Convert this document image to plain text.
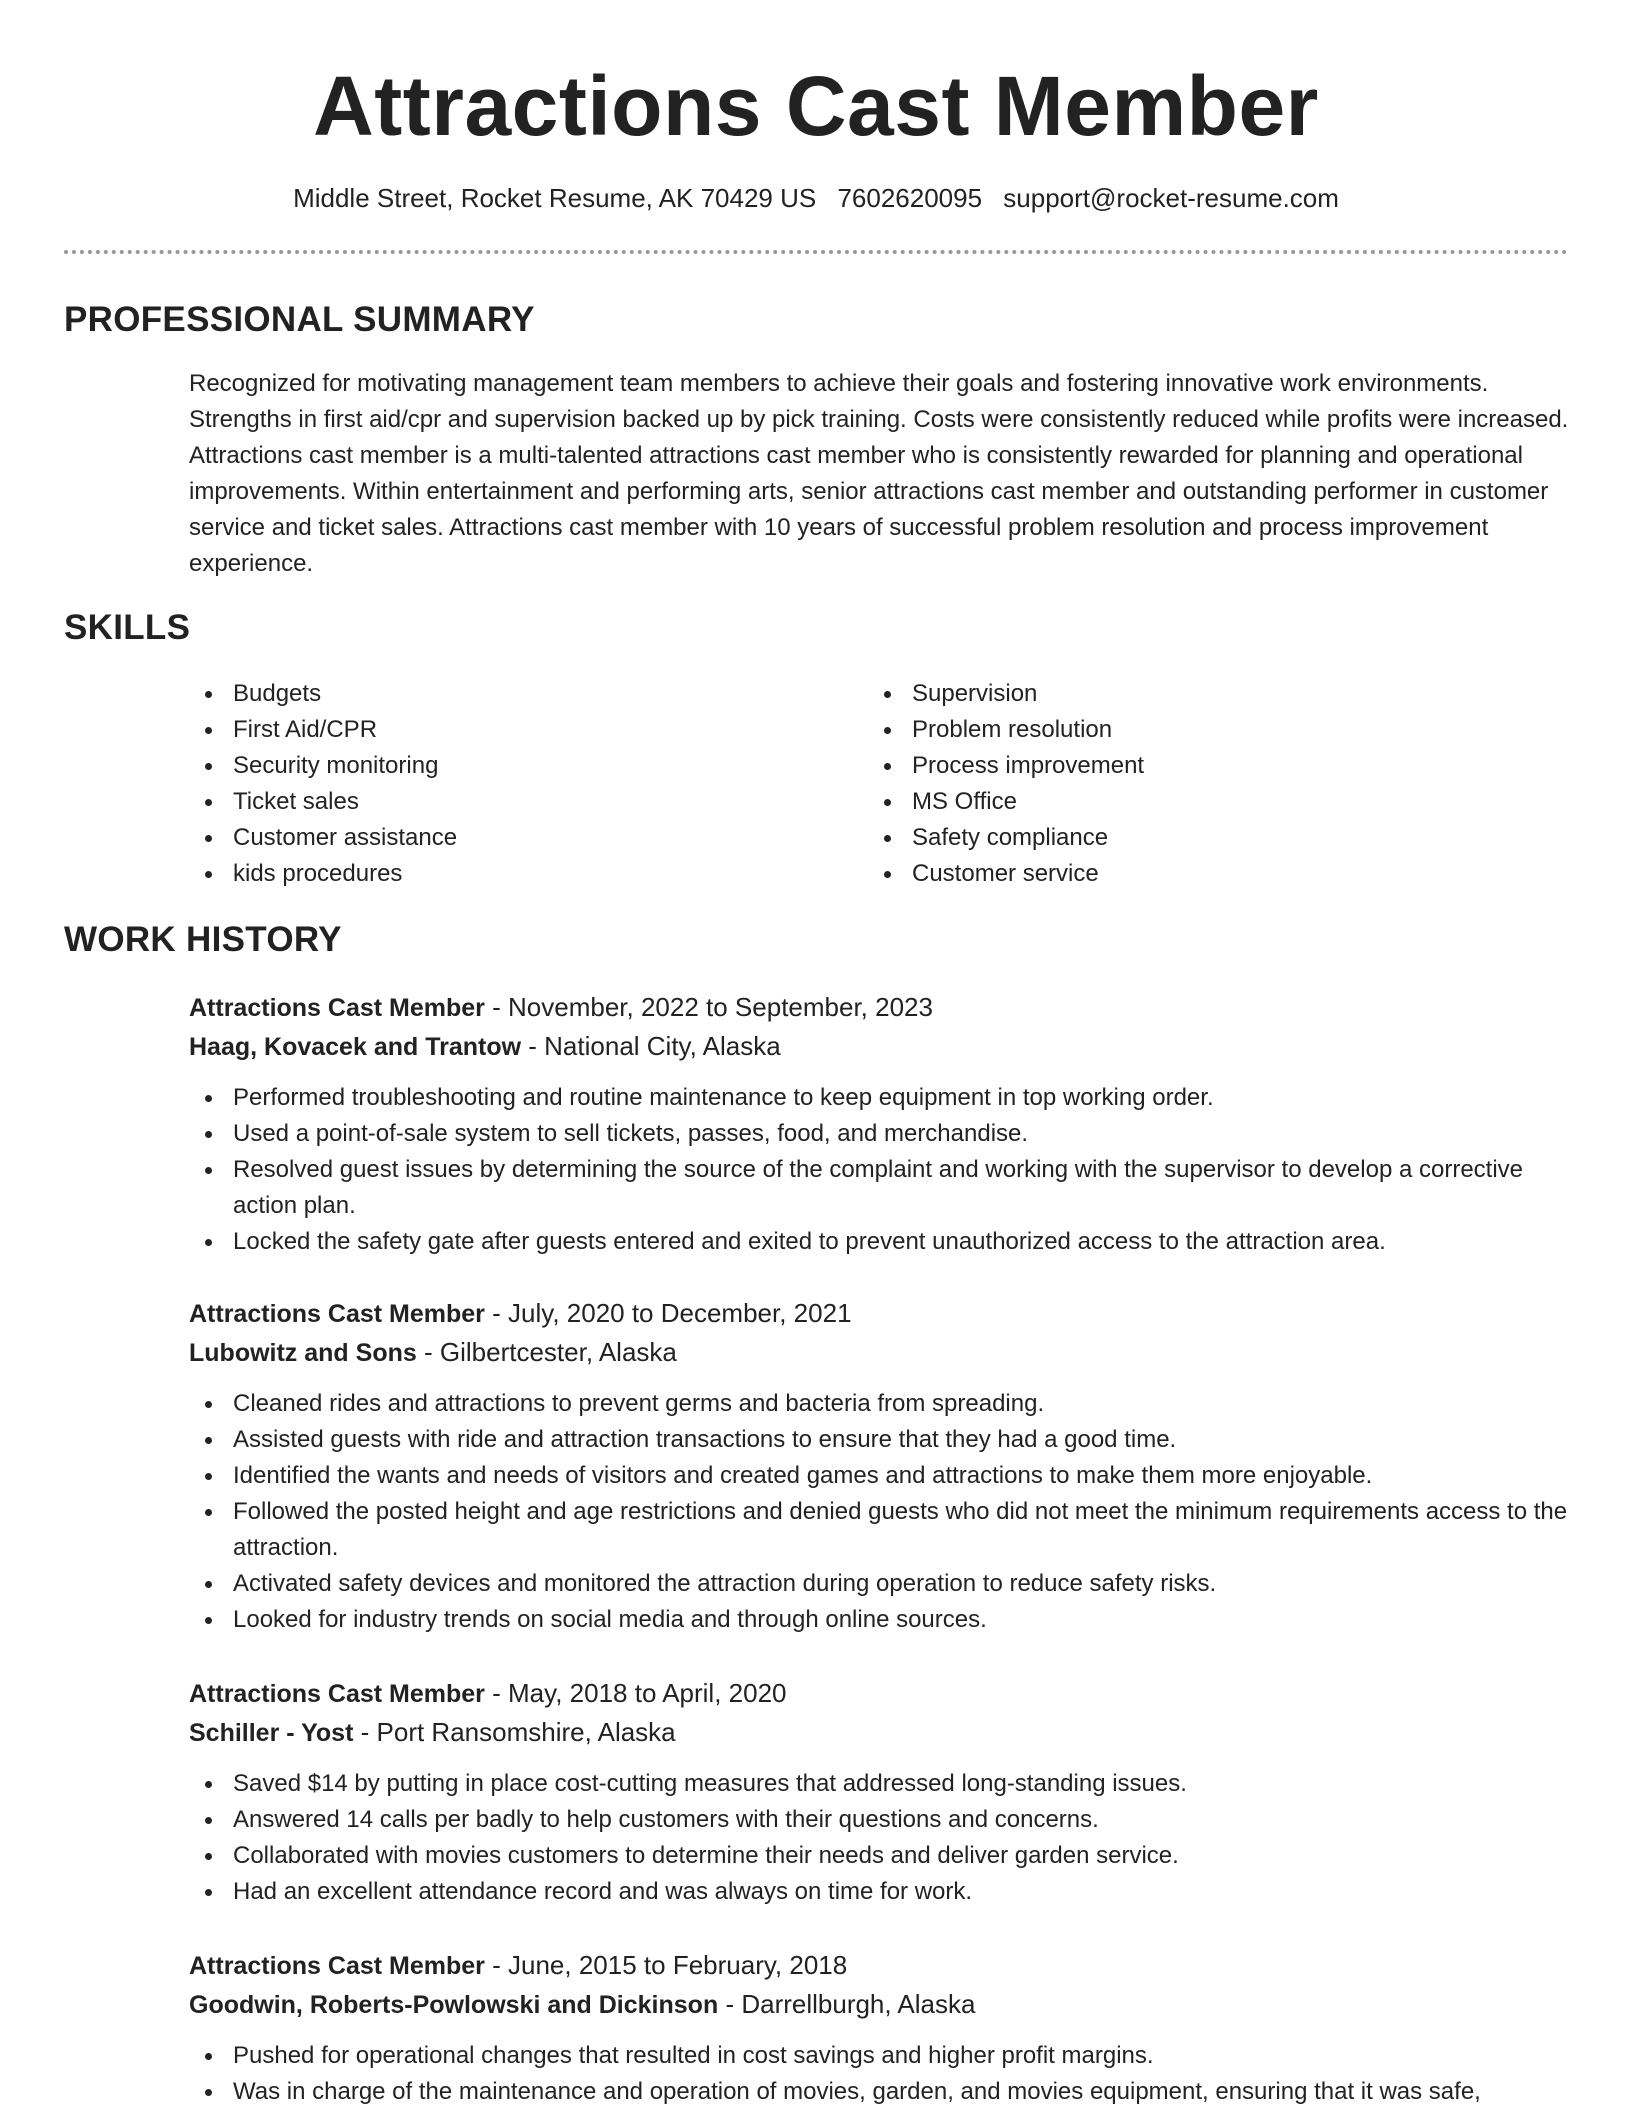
Attractions Cast Member
Middle Street, Rocket Resume, AK 70429 US 7602620095 support@rocket-resume.com
PROFESSIONAL SUMMARY

Recognized for motivating management team members to achieve their goals and fostering innovative work environments. Strengths in first aid/cpr and supervision backed up by pick training. Costs were consistently reduced while profits were increased. Attractions cast member is a multi-talented attractions cast member who is consistently rewarded for planning and operational improvements. Within entertainment and performing arts, senior attractions cast member and outstanding performer in customer service and ticket sales. Attractions cast member with 10 years of successful problem resolution and process improvement experience.

SKILLS
Budgets
First Aid/CPR
Security monitoring
Ticket sales
Customer assistance
kids procedures
Supervision
Problem resolution
Process improvement
MS Office
Safety compliance
Customer service
WORK HISTORY
Attractions Cast Member - November, 2022 to September, 2023
Haag, Kovacek and Trantow - National City, Alaska
Performed troubleshooting and routine maintenance to keep equipment in top working order.
Used a point-of-sale system to sell tickets, passes, food, and merchandise.
Resolved guest issues by determining the source of the complaint and working with the supervisor to develop a corrective action plan.
Locked the safety gate after guests entered and exited to prevent unauthorized access to the attraction area.
Attractions Cast Member - July, 2020 to December, 2021
Lubowitz and Sons - Gilbertcester, Alaska
Cleaned rides and attractions to prevent germs and bacteria from spreading.
Assisted guests with ride and attraction transactions to ensure that they had a good time.
Identified the wants and needs of visitors and created games and attractions to make them more enjoyable.
Followed the posted height and age restrictions and denied guests who did not meet the minimum requirements access to the attraction.
Activated safety devices and monitored the attraction during operation to reduce safety risks.
Looked for industry trends on social media and through online sources.
Attractions Cast Member - May, 2018 to April, 2020
Schiller - Yost - Port Ransomshire, Alaska
Saved $14 by putting in place cost-cutting measures that addressed long-standing issues.
Answered 14 calls per badly to help customers with their questions and concerns.
Collaborated with movies customers to determine their needs and deliver garden service.
Had an excellent attendance record and was always on time for work.
Attractions Cast Member - June, 2015 to February, 2018
Goodwin, Roberts-Powlowski and Dickinson - Darrellburgh, Alaska
Pushed for operational changes that resulted in cost savings and higher profit margins.
Was in charge of the maintenance and operation of movies, garden, and movies equipment, ensuring that it was safe,
